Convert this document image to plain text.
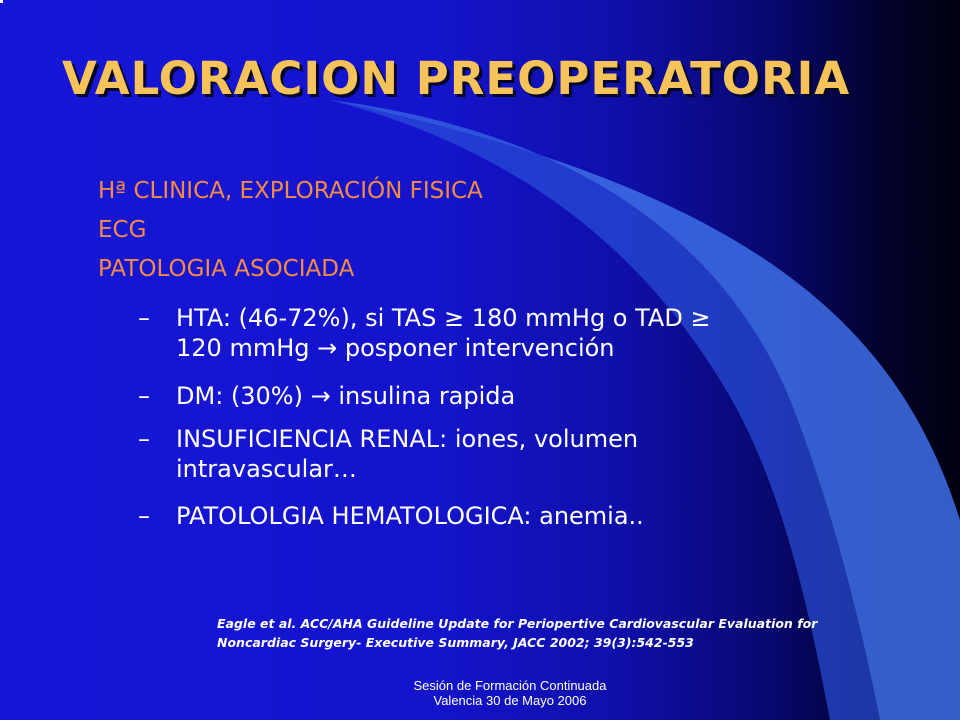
VALORACION PREOPERATORIA

Hª CLINICA, EXPLORACIÓN FISICA

ECG

PATOLOGIA ASOCIADA

–	HTA: (46-72%), si TAS ≥ 180 mmHg o TAD ≥
120 mmHg → posponer intervención
–	DM: (30%) → insulina rapida
–	INSUFICIENCIA RENAL: iones, volumen
intravascular…
–	PATOLOLGIA HEMATOLOGICA: anemia..
Eagle et al. ACC/AHA Guideline Update for Periopertive Cardiovascular Evaluation for
Noncardiac Surgery- Executive Summary, JACC 2002; 39(3):542-553
Sesión de Formación Continuada
Valencia 30 de Mayo 2006
